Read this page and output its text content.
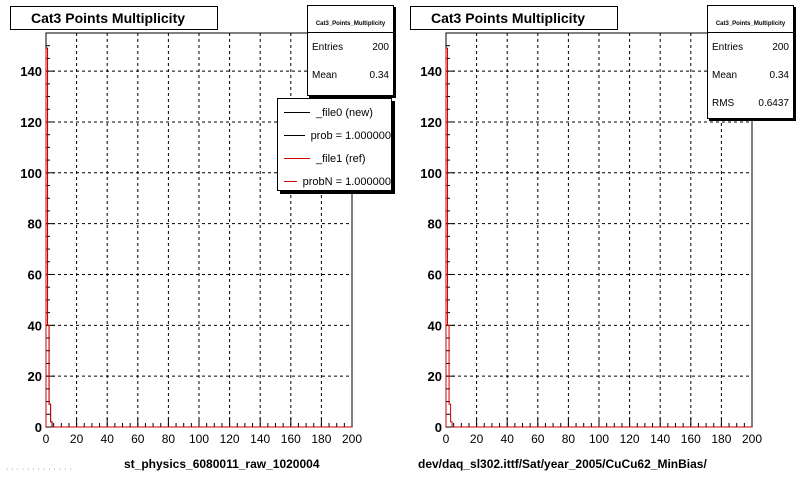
0 20 40 60 80 100 120 140 160 180 200
0
20
40
60
80
100
120
140
Cat3 Points Multiplicity	Cat3_Points_Multiplicity
Entries	200
Mean	0.34
_file0 (new)
prob = 1.000000
_file1 (ref)
probN = 1.000000
st_physics_6080011_raw_1020004
· · · · · · · · · · · · ·
0 20 40 60 80 100 120 140 160 180 200
0
20
40
60
80
100
120
140
Cat3 Points Multiplicity	Cat3_Points_Multiplicity
Entries	200
Mean	0.34
RMS 0.6437
dev/daq_sl302.ittf/Sat/year_2005/CuCu62_MinBias/
